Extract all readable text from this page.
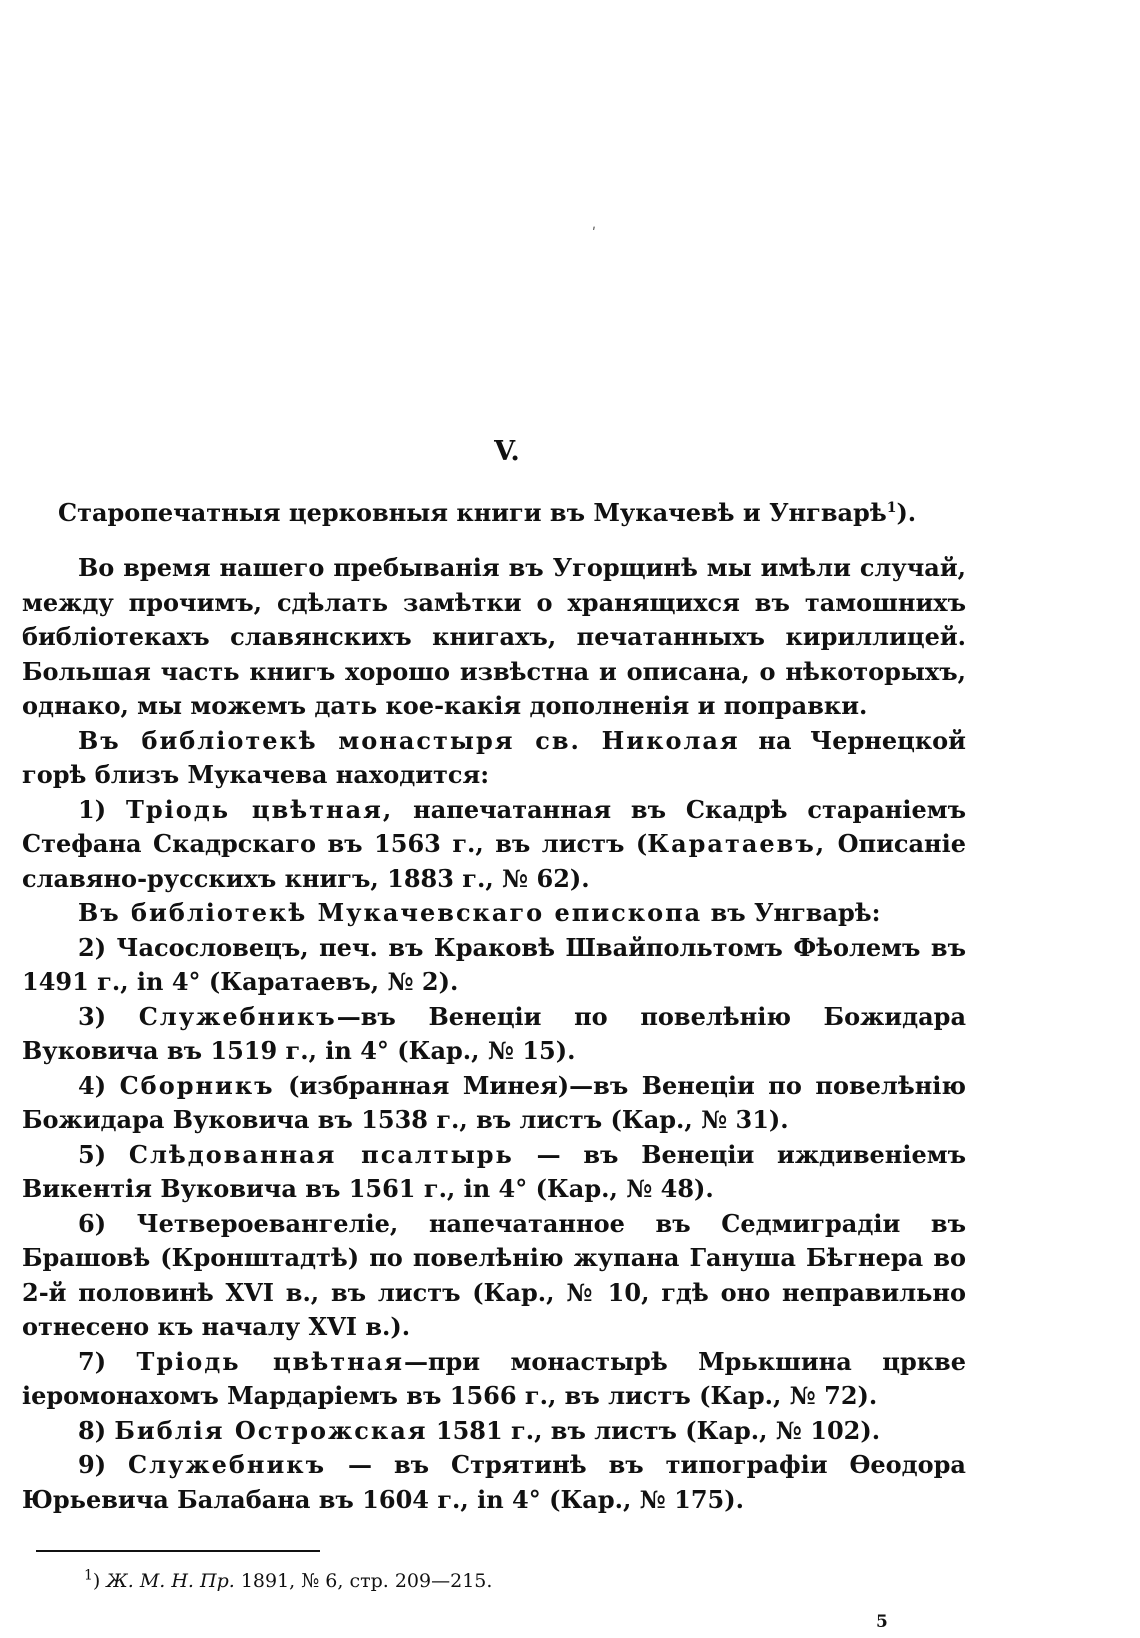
ʹ
V.
Старопечатныя церковныя книги въ Мукачевѣ и Унгварѣ$^1$).

Во время нашего пребыванія въ Угорщинѣ мы имѣли случай, между прочимъ, сдѣлать замѣтки о хранящихся въ тамошнихъ библіотекахъ славянскихъ книгахъ, печатанныхъ кириллицей. Большая часть книгъ хорошо извѣстна и описана, о нѣкоторыхъ, однако, мы можемъ дать кое-какія дополненія и поправки.

Въ библіотекѣ монастыря св. Николая на Чернецкой горѣ близъ Мукачева находится:

1) Тріодь цвѣтная, напечатанная въ Скадрѣ стараніемъ Стефана Скадрскаго въ 1563 г., въ листъ (Каратаевъ, Описаніе славяно-русскихъ книгъ, 1883 г., № 62).

Въ библіотекѣ Мукачевскаго епископа въ Унгварѣ:

2) Часословецъ, печ. въ Краковѣ Швайпольтомъ Фѣолемъ въ 1491 г., in 4° (Каратаевъ, № 2).

3) Служебникъ—въ Венеціи по повелѣнію Божидара Вуковича въ 1519 г., in 4° (Кар., № 15).

4) Сборникъ (избранная Минея)—въ Венеціи по повелѣнію Божидара Вуковича въ 1538 г., въ листъ (Кар., № 31).

5) Слѣдованная псалтырь — въ Венеціи иждивеніемъ Викентія Вуковича въ 1561 г., in 4° (Кар., № 48).

6) Четвероевангеліе, напечатанное въ Седмиградіи въ Брашовѣ (Кронштадтѣ) по повелѣнію жупана Ганушa Бѣгнера во 2-й половинѣ XVI в., въ листъ (Кар., № 10, гдѣ оно неправильно отнесено къ началу XVI в.).

7) Тріодь цвѣтная—при монастырѣ Мрькшина цркве іеромонахомъ Мардаріемъ въ 1566 г., въ листъ (Кар., № 72).

8) Библія Острожская 1581 г., въ листъ (Кар., № 102).

9) Служебникъ — въ Стрятинѣ въ типографіи Өеодора Юрьевича Балабана въ 1604 г., in 4° (Кар., № 175).

$^1$) Ж. М. Н. Пр. 1891, № 6, стр. 209—215.
5
